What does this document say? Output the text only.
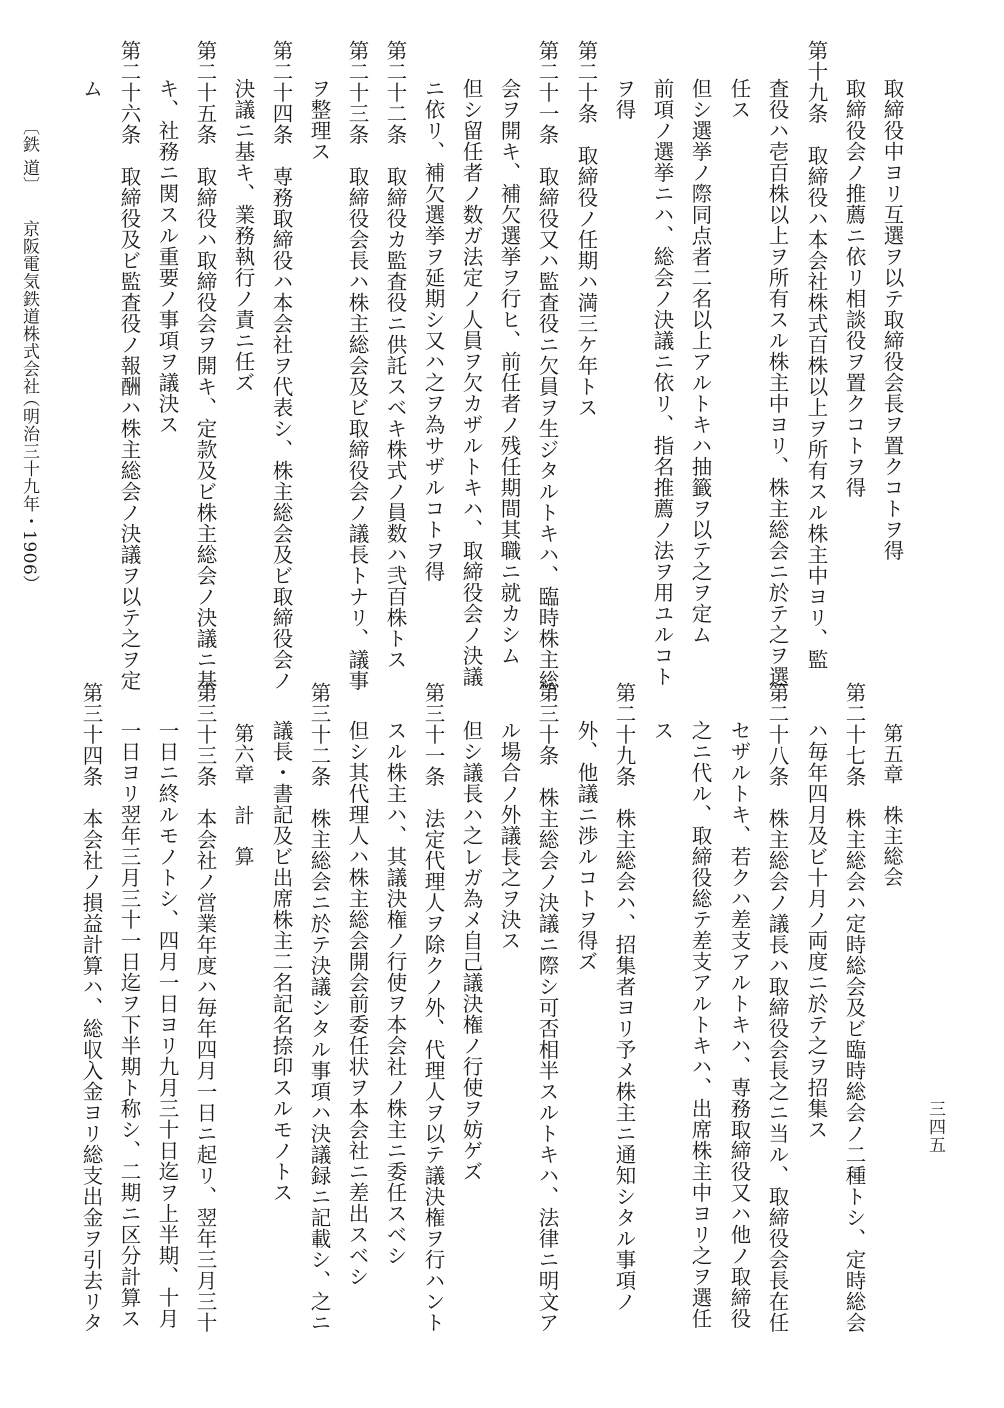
取締役中ヨリ互選ヲ以テ取締役会長ヲ置クコトヲ得

取締役会ノ推薦ニ依リ相談役ヲ置クコトヲ得

第十九条　取締役ハ本会社株式百株以上ヲ所有スル株主中ヨリ、監

査役ハ壱百株以上ヲ所有スル株主中ヨリ、株主総会ニ於テ之ヲ選

任ス

但シ選挙ノ際同点者二名以上アルトキハ抽籤ヲ以テ之ヲ定ム

前項ノ選挙ニハ、総会ノ決議ニ依リ、指名推薦ノ法ヲ用ユルコト

ヲ得

第二十条　取締役ノ任期ハ満三ケ年トス

第二十一条　取締役又ハ監査役ニ欠員ヲ生ジタルトキハ、臨時株主総

会ヲ開キ、補欠選挙ヲ行ヒ、前任者ノ残任期間其職ニ就カシム

但シ留任者ノ数ガ法定ノ人員ヲ欠カザルトキハ、取締役会ノ決議

ニ依リ、補欠選挙ヲ延期シ又ハ之ヲ為サザルコトヲ得

第二十二条　取締役カ監査役ニ供託スベキ株式ノ員数ハ弐百株トス

第二十三条　取締役会長ハ株主総会及ビ取締役会ノ議長トナリ、議事

ヲ整理ス

第二十四条　専務取締役ハ本会社ヲ代表シ、株主総会及ビ取締役会ノ

決議ニ基キ、業務執行ノ責ニ任ズ

第二十五条　取締役ハ取締役会ヲ開キ、定款及ビ株主総会ノ決議ニ基

キ、社務ニ関スル重要ノ事項ヲ議決ス

第二十六条　取締役及ビ監査役ノ報酬ハ株主総会ノ決議ヲ以テ之ヲ定

ム

〔鉄 道〕

京阪電気鉄道株式会社

（明治三十九年・1906）

　　第五章　株主総会

第二十七条　株主総会ハ定時総会及ビ臨時総会ノ二種トシ、定時総会

ハ毎年四月及ビ十月ノ両度ニ於テ之ヲ招集ス

第二十八条　株主総会ノ議長ハ取締役会長之ニ当ル、取締役会長在任

セザルトキ、若クハ差支アルトキハ、専務取締役又ハ他ノ取締役

之ニ代ル、取締役総テ差支アルトキハ、出席株主中ヨリ之ヲ選任

ス

第二十九条　株主総会ハ、招集者ヨリ予メ株主ニ通知シタル事項ノ

外、他議ニ渉ルコトヲ得ズ

第三十条　株主総会ノ決議ニ際シ可否相半スルトキハ、法律ニ明文ア

ル場合ノ外議長之ヲ決ス

但シ議長ハ之レガ為メ自己議決権ノ行使ヲ妨ゲズ

第三十一条　法定代理人ヲ除クノ外、代理人ヲ以テ議決権ヲ行ハント

スル株主ハ、其議決権ノ行使ヲ本会社ノ株主ニ委任スベシ

但シ其代理人ハ株主総会開会前委任状ヲ本会社ニ差出スベシ

第三十二条　株主総会ニ於テ決議シタル事項ハ決議録ニ記載シ、之ニ

議長・書記及ビ出席株主二名記名捺印スルモノトス

　　第六章　計　算

第三十三条　本会社ノ営業年度ハ毎年四月一日ニ起リ、翌年三月三十

一日ニ終ルモノトシ、四月一日ヨリ九月三十日迄ヲ上半期、十月

一日ヨリ翌年三月三十一日迄ヲ下半期ト称シ、二期ニ区分計算ス

第三十四条　本会社ノ損益計算ハ、総収入金ヨリ総支出金ヲ引去リタ	三四五
